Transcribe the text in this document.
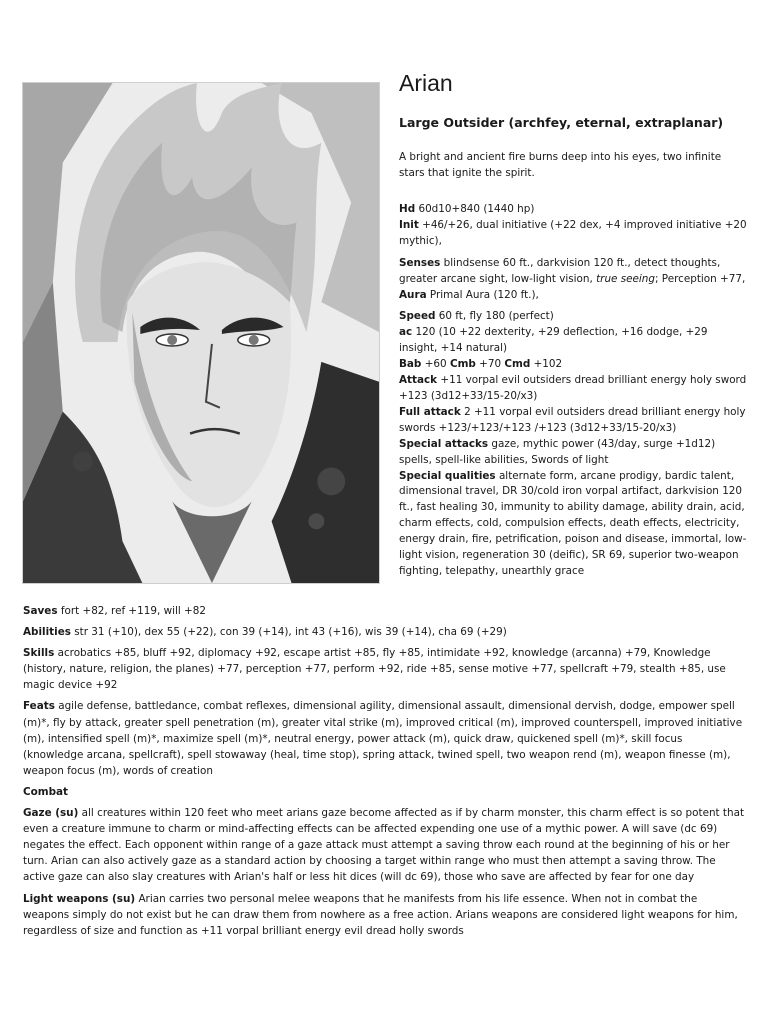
Arian

Large Outsider (archfey, eternal, extraplanar)

A bright and ancient fire burns deep into his eyes, two infinite stars that ignite the spirit.

Hd 60d10+840 (1440 hp)

Init +46/+26, dual initiative (+22 dex, +4 improved initiative +20 mythic),

Senses blindsense 60 ft., darkvision 120 ft., detect thoughts, greater arcane sight, low-light vision, true seeing; Perception +77,

Aura Primal Aura (120 ft.),

Speed 60 ft, fly 180 (perfect)

ac 120 (10 +22 dexterity, +29 deflection, +16 dodge, +29 insight, +14 natural)

Bab +60 Cmb +70 Cmd +102

Attack +11 vorpal evil outsiders dread brilliant energy holy sword +123 (3d12+33/15-20/x3)

Full attack 2 +11 vorpal evil outsiders dread brilliant energy holy swords +123/+123/+123 /+123 (3d12+33/15-20/x3)

Special attacks gaze, mythic power (43/day, surge +1d12) spells, spell-like abilities, Swords of light

Special qualities alternate form, arcane prodigy, bardic talent, dimensional travel, DR 30/cold iron vorpal artifact, darkvision 120 ft., fast healing 30, immunity to ability damage, ability drain, acid, charm effects, cold, compulsion effects, death effects, electricity, energy drain, fire, petrification, poison and disease, immortal, low-light vision, regeneration 30 (deific), SR 69, superior two-weapon fighting, telepathy, unearthly grace

Saves fort +82, ref +119, will +82

Abilities str 31 (+10), dex 55 (+22), con 39 (+14), int 43 (+16), wis 39 (+14), cha 69 (+29)

Skills acrobatics +85, bluff +92, diplomacy +92, escape artist +85, fly +85, intimidate +92, knowledge (arcanna) +79, Knowledge (history, nature, religion, the planes) +77, perception +77, perform +92, ride +85, sense motive +77, spellcraft +79, stealth +85, use magic device +92

Feats agile defense, battledance, combat reflexes, dimensional agility, dimensional assault, dimensional dervish, dodge, empower spell (m)*, fly by attack, greater spell penetration (m), greater vital strike (m), improved critical (m), improved counterspell, improved initiative (m), intensified spell (m)*, maximize spell (m)*, neutral energy, power attack (m), quick draw, quickened spell (m)*, skill focus (knowledge arcana, spellcraft), spell stowaway (heal, time stop), spring attack, twined spell, two weapon rend (m), weapon finesse (m), weapon focus (m), words of creation

Combat

Gaze (su) all creatures within 120 feet who meet arians gaze become affected as if by charm monster, this charm effect is so potent that even a creature immune to charm or mind-affecting effects can be affected expending one use of a mythic power. A will save (dc 69) negates the effect. Each opponent within range of a gaze attack must attempt a saving throw each round at the beginning of his or her turn. Arian can also actively gaze as a standard action by choosing a target within range who must then attempt a saving throw. The active gaze can also slay creatures with Arian's half or less hit dices (will dc 69), those who save are affected by fear for one day

Light weapons (su) Arian carries two personal melee weapons that he manifests from his life essence. When not in combat the weapons simply do not exist but he can draw them from nowhere as a free action. Arians weapons are considered light weapons for him, regardless of size and function as +11 vorpal brilliant energy evil dread holly swords
